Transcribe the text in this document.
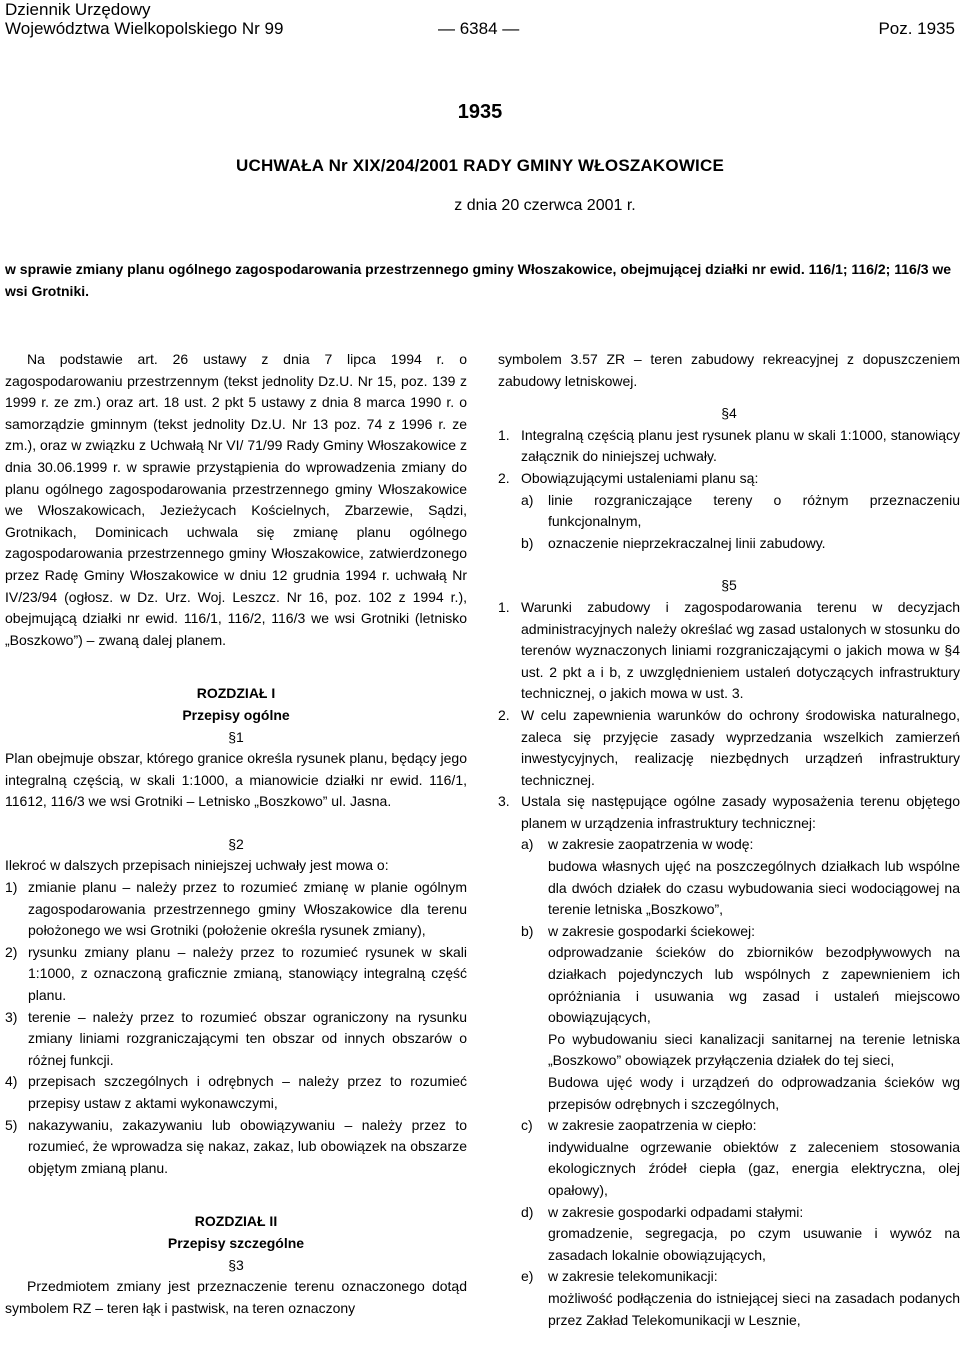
Dziennik Urzędowy
Województwa Wielkopolskiego Nr 99	— 6384 —	Poz. 1935
1935
UCHWAŁA Nr XIX/204/2001 RADY GMINY WŁOSZAKOWICE
z dnia 20 czerwca 2001 r.
w sprawie zmiany planu ogólnego zagospodarowania przestrzennego gminy Włoszakowice, obejmującej działki nr ewid. 116/1; 116/2; 116/3 we wsi Grotniki.

Na podstawie art. 26 ustawy z dnia 7 lipca 1994 r. o zagospodarowaniu przestrzennym (tekst jednolity Dz.U. Nr 15, poz. 139 z 1999 r. ze zm.) oraz art. 18 ust. 2 pkt 5 ustawy z dnia 8 marca 1990 r. o samorządzie gminnym (tekst jednolity Dz.U. Nr 13 poz. 74 z 1996 r. ze zm.), oraz w związku z Uchwałą Nr VI/ 71/99 Rady Gminy Włoszakowice z dnia 30.06.1999 r. w sprawie przystąpienia do wprowadzenia zmiany do planu ogólnego zagospodarowania przestrzennego gminy Włoszakowice we Włoszakowicach, Jezieżycach Kościelnych, Zbarzewie, Sądzi, Grotnikach, Dominicach uchwala się zmianę planu ogólnego zagospodarowania przestrzennego gminy Włoszakowice, zatwierdzonego przez Radę Gminy Włoszakowice w dniu 12 grudnia 1994 r. uchwałą Nr IV/23/94 (ogłosz. w Dz. Urz. Woj. Leszcz. Nr 16, poz. 102 z 1994 r.), obejmującą działki nr ewid. 116/1, 116/2, 116/3 we wsi Grotniki (letnisko „Boszkowo”) – zwaną dalej planem.

ROZDZIAŁ I

Przepisy ogólne

§1

Plan obejmuje obszar, którego granice określa rysunek planu, będący jego integralną częścią, w skali 1:1000, a mianowicie działki nr ewid. 116/1, 11612, 116/3 we wsi Grotniki – Letnisko „Boszkowo” ul. Jasna.

§2

Ilekroć w dalszych przepisach niniejszej uchwały jest mowa o:

1) zmianie planu – należy przez to rozumieć zmianę w planie ogólnym zagospodarowania przestrzennego gminy Włoszakowice dla terenu położonego we wsi Grotniki (położenie określa rysunek zmiany),
2) rysunku zmiany planu – należy przez to rozumieć rysunek w skali 1:1000, z oznaczoną graficznie zmianą, stanowiący integralną część planu.
3) terenie – należy przez to rozumieć obszar ograniczony na rysunku zmiany liniami rozgraniczającymi ten obszar od innych obszarów o różnej funkcji.
4) przepisach szczególnych i odrębnych – należy przez to rozumieć przepisy ustaw z aktami wykonawczymi,
5) nakazywaniu, zakazywaniu lub obowiązywaniu – należy przez to rozumieć, że wprowadza się nakaz, zakaz, lub obowiązek na obszarze objętym zmianą planu.

ROZDZIAŁ II

Przepisy szczególne

§3

Przedmiotem zmiany jest przeznaczenie terenu oznaczonego dotąd symbolem RZ – teren łąk i pastwisk, na teren oznaczony

symbolem 3.57 ZR – teren zabudowy rekreacyjnej z dopuszczeniem zabudowy letniskowej.

§4

1. Integralną częścią planu jest rysunek planu w skali 1:1000, stanowiący załącznik do niniejszej uchwały.
2. Obowiązującymi ustaleniami planu są:
a)	linie rozgraniczające tereny o różnym przeznaczeniu funkcjonalnym,
b)	oznaczenie nieprzekraczalnej linii zabudowy.

§5

1. Warunki zabudowy i zagospodarowania terenu w decyzjach administracyjnych należy określać wg zasad ustalonych w stosunku do terenów wyznaczonych liniami rozgraniczającymi o jakich mowa w §4 ust. 2 pkt a i b, z uwzględnieniem ustaleń dotyczących infrastruktury technicznej, o jakich mowa w ust. 3.
2. W celu zapewnienia warunków do ochrony środowiska naturalnego, zaleca się przyjęcie zasady wyprzedzania wszelkich zamierzeń inwestycyjnych, realizację niezbędnych urządzeń infrastruktury technicznej.
3. Ustala się następujące ogólne zasady wyposażenia terenu objętego planem w urządzenia infrastruktury technicznej:
a)	w zakresie zaopatrzenia w wodę:

budowa własnych ujęć na poszczególnych działkach lub wspólne dla dwóch działek do czasu wybudowania sieci wodociągowej na terenie letniska „Boszkowo”,

b)	w zakresie gospodarki ściekowej:

odprowadzanie ścieków do zbiorników bezodpływowych na działkach pojedynczych lub wspólnych z zapewnieniem ich opróżniania i usuwania wg zasad i ustaleń miejscowo obowiązujących,

Po wybudowaniu sieci kanalizacji sanitarnej na terenie letniska „Boszkowo” obowiązek przyłączenia działek do tej sieci,

Budowa ujęć wody i urządzeń do odprowadzania ścieków wg przepisów odrębnych i szczególnych,

c)	w zakresie zaopatrzenia w ciepło:

indywidualne ogrzewanie obiektów z zaleceniem stosowania ekologicznych źródeł ciepła (gaz, energia elektryczna, olej opałowy),

d)	w zakresie gospodarki odpadami stałymi:

gromadzenie, segregacja, po czym usuwanie i wywóz na zasadach lokalnie obowiązujących,

e)	w zakresie telekomunikacji:

możliwość podłączenia do istniejącej sieci na zasadach podanych przez Zakład Telekomunikacji w Lesznie,
